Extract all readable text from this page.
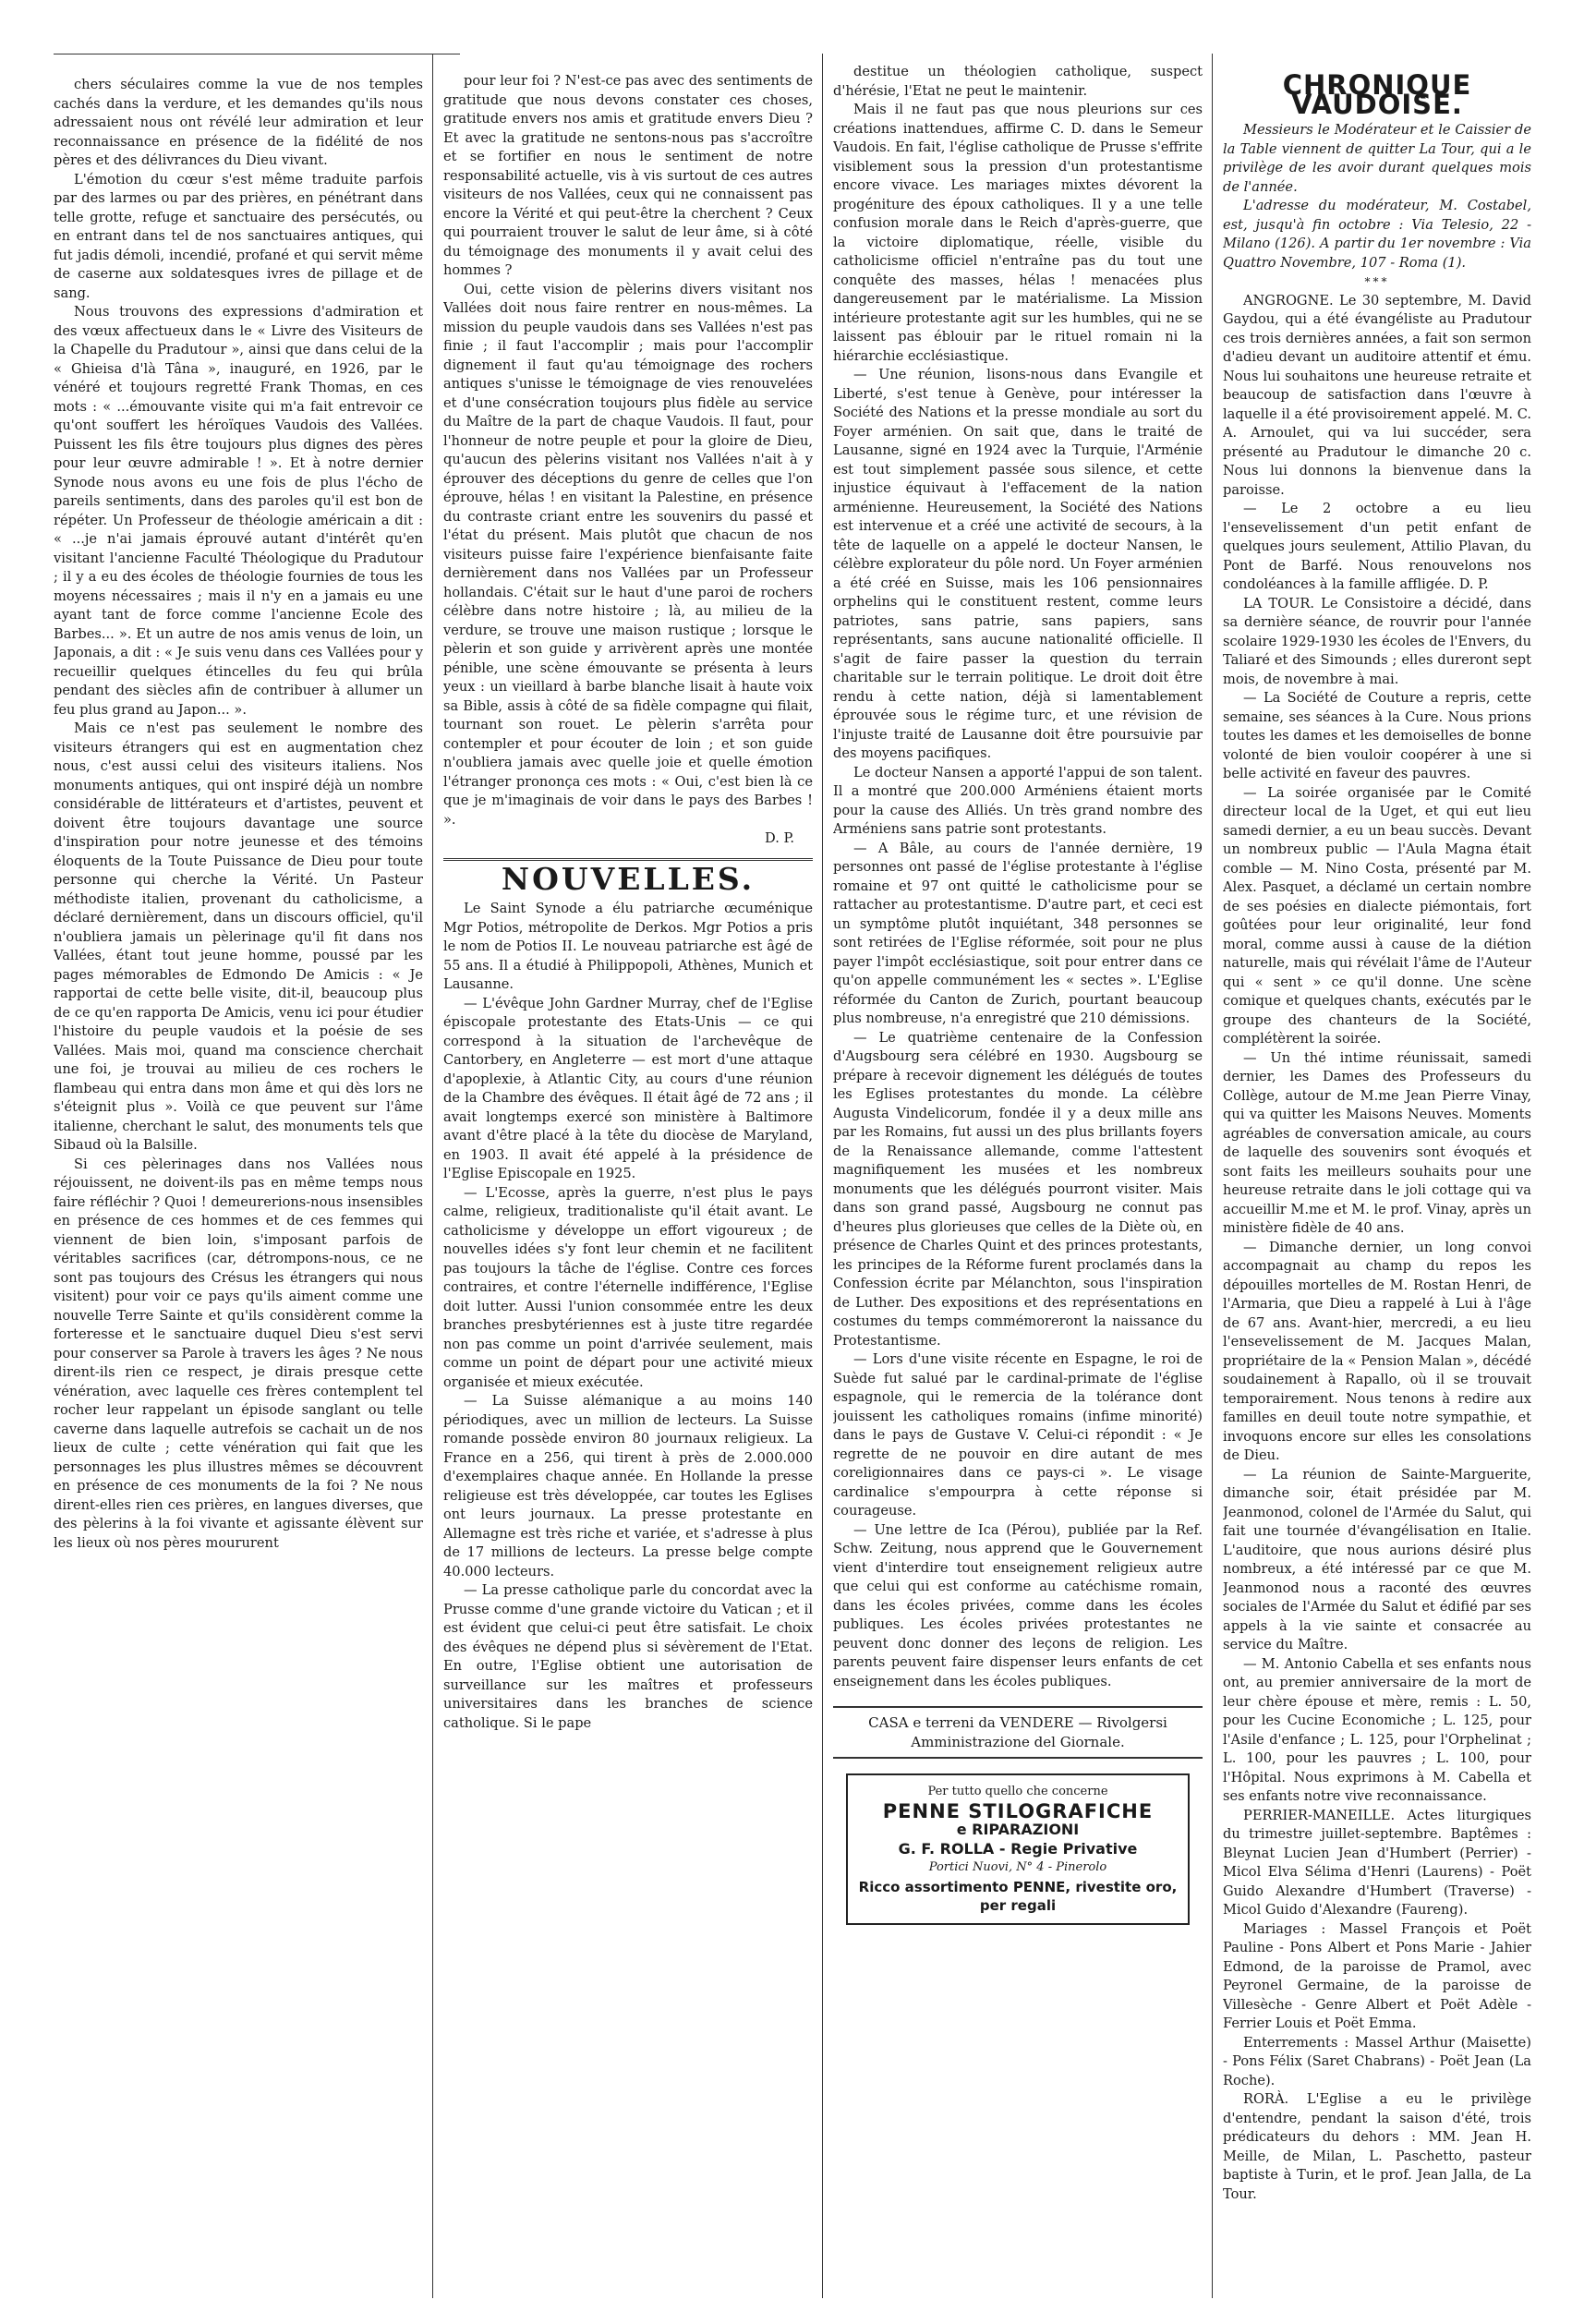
chers séculaires comme la vue de nos temples cachés dans la verdure, et les demandes qu'ils nous adressaient nous ont révélé leur admiration et leur reconnaissance en présence de la fidélité de nos pères et des délivrances du Dieu vivant.

L'émotion du cœur s'est même traduite parfois par des larmes ou par des prières, en pénétrant dans telle grotte, refuge et sanctuaire des persécutés, ou en entrant dans tel de nos sanctuaires antiques, qui fut jadis démoli, incendié, profané et qui servit même de caserne aux soldatesques ivres de pillage et de sang.

Nous trouvons des expressions d'admiration et des vœux affectueux dans le « Livre des Visiteurs de la Chapelle du Pradutour », ainsi que dans celui de la « Ghieisa d'là Tâna », inauguré, en 1926, par le vénéré et toujours regretté Frank Thomas, en ces mots : « ...émouvante visite qui m'a fait entrevoir ce qu'ont souffert les héroïques Vaudois des Vallées. Puissent les fils être toujours plus dignes des pères pour leur œuvre admirable ! ». Et à notre dernier Synode nous avons eu une fois de plus l'écho de pareils sentiments, dans des paroles qu'il est bon de répéter. Un Professeur de théologie américain a dit : « ...je n'ai jamais éprouvé autant d'intérêt qu'en visitant l'ancienne Faculté Théologique du Pradutour ; il y a eu des écoles de théologie fournies de tous les moyens nécessaires ; mais il n'y en a jamais eu une ayant tant de force comme l'ancienne Ecole des Barbes... ». Et un autre de nos amis venus de loin, un Japonais, a dit : « Je suis venu dans ces Vallées pour y recueillir quelques étincelles du feu qui brûla pendant des siècles afin de contribuer à allumer un feu plus grand au Japon... ».

Mais ce n'est pas seulement le nombre des visiteurs étrangers qui est en augmentation chez nous, c'est aussi celui des visiteurs italiens. Nos monuments antiques, qui ont inspiré déjà un nombre considérable de littérateurs et d'artistes, peuvent et doivent être toujours davantage une source d'inspiration pour notre jeunesse et des témoins éloquents de la Toute Puissance de Dieu pour toute personne qui cherche la Vérité. Un Pasteur méthodiste italien, provenant du catholicisme, a déclaré dernièrement, dans un discours officiel, qu'il n'oubliera jamais un pèlerinage qu'il fit dans nos Vallées, étant tout jeune homme, poussé par les pages mémorables de Edmondo De Amicis : « Je rapportai de cette belle visite, dit-il, beaucoup plus de ce qu'en rapporta De Amicis, venu ici pour étudier l'histoire du peuple vaudois et la poésie de ses Vallées. Mais moi, quand ma conscience cherchait une foi, je trouvai au milieu de ces rochers le flambeau qui entra dans mon âme et qui dès lors ne s'éteignit plus ». Voilà ce que peuvent sur l'âme italienne, cherchant le salut, des monuments tels que Sibaud où la Balsille.

Si ces pèlerinages dans nos Vallées nous réjouissent, ne doivent-ils pas en même temps nous faire réfléchir ? Quoi ! demeurerions-nous insensibles en présence de ces hommes et de ces femmes qui viennent de bien loin, s'imposant parfois de véritables sacrifices (car, détrompons-nous, ce ne sont pas toujours des Crésus les étrangers qui nous visitent) pour voir ce pays qu'ils aiment comme une nouvelle Terre Sainte et qu'ils considèrent comme la forteresse et le sanctuaire duquel Dieu s'est servi pour conserver sa Parole à travers les âges ? Ne nous dirent-ils rien ce respect, je dirais presque cette vénération, avec laquelle ces frères contemplent tel rocher leur rappelant un épisode sanglant ou telle caverne dans laquelle autrefois se cachait un de nos lieux de culte ; cette vénération qui fait que les personnages les plus illustres mêmes se découvrent en présence de ces monuments de la foi ? Ne nous dirent-elles rien ces prières, en langues diverses, que des pèlerins à la foi vivante et agissante élèvent sur les lieux où nos pères moururent

pour leur foi ? N'est-ce pas avec des sentiments de gratitude que nous devons constater ces choses, gratitude envers nos amis et gratitude envers Dieu ? Et avec la gratitude ne sentons-nous pas s'accroître et se fortifier en nous le sentiment de notre responsabilité actuelle, vis à vis surtout de ces autres visiteurs de nos Vallées, ceux qui ne connaissent pas encore la Vérité et qui peut-être la cherchent ? Ceux qui pourraient trouver le salut de leur âme, si à côté du témoignage des monuments il y avait celui des hommes ?

Oui, cette vision de pèlerins divers visitant nos Vallées doit nous faire rentrer en nous-mêmes. La mission du peuple vaudois dans ses Vallées n'est pas finie ; il faut l'accomplir ; mais pour l'accomplir dignement il faut qu'au témoignage des rochers antiques s'unisse le témoignage de vies renouvelées et d'une consécration toujours plus fidèle au service du Maître de la part de chaque Vaudois. Il faut, pour l'honneur de notre peuple et pour la gloire de Dieu, qu'aucun des pèlerins visitant nos Vallées n'ait à y éprouver des déceptions du genre de celles que l'on éprouve, hélas ! en visitant la Palestine, en présence du contraste criant entre les souvenirs du passé et l'état du présent. Mais plutôt que chacun de nos visiteurs puisse faire l'expérience bienfaisante faite dernièrement dans nos Vallées par un Professeur hollandais. C'était sur le haut d'une paroi de rochers célèbre dans notre histoire ; là, au milieu de la verdure, se trouve une maison rustique ; lorsque le pèlerin et son guide y arrivèrent après une montée pénible, une scène émouvante se présenta à leurs yeux : un vieillard à barbe blanche lisait à haute voix sa Bible, assis à côté de sa fidèle compagne qui filait, tournant son rouet. Le pèlerin s'arrêta pour contempler et pour écouter de loin ; et son guide n'oubliera jamais avec quelle joie et quelle émotion l'étranger prononça ces mots : « Oui, c'est bien là ce que je m'imaginais de voir dans le pays des Barbes ! ».

D. P.

NOUVELLES.

Le Saint Synode a élu patriarche œcuménique Mgr Potios, métropolite de Derkos. Mgr Potios a pris le nom de Potios II. Le nouveau patriarche est âgé de 55 ans. Il a étudié à Philippopoli, Athènes, Munich et Lausanne.

— L'évêque John Gardner Murray, chef de l'Eglise épiscopale protestante des Etats-Unis — ce qui correspond à la situation de l'archevêque de Cantorbery, en Angleterre — est mort d'une attaque d'apoplexie, à Atlantic City, au cours d'une réunion de la Chambre des évêques. Il était âgé de 72 ans ; il avait longtemps exercé son ministère à Baltimore avant d'être placé à la tête du diocèse de Maryland, en 1903. Il avait été appelé à la présidence de l'Eglise Episcopale en 1925.

— L'Ecosse, après la guerre, n'est plus le pays calme, religieux, traditionaliste qu'il était avant. Le catholicisme y développe un effort vigoureux ; de nouvelles idées s'y font leur chemin et ne facilitent pas toujours la tâche de l'église. Contre ces forces contraires, et contre l'éternelle indifférence, l'Eglise doit lutter. Aussi l'union consommée entre les deux branches presbytériennes est à juste titre regardée non pas comme un point d'arrivée seulement, mais comme un point de départ pour une activité mieux organisée et mieux exécutée.

— La Suisse alémanique a au moins 140 périodiques, avec un million de lecteurs. La Suisse romande possède environ 80 journaux religieux. La France en a 256, qui tirent à près de 2.000.000 d'exemplaires chaque année. En Hollande la presse religieuse est très développée, car toutes les Eglises ont leurs journaux. La presse protestante en Allemagne est très riche et variée, et s'adresse à plus de 17 millions de lecteurs. La presse belge compte 40.000 lecteurs.

— La presse catholique parle du concordat avec la Prusse comme d'une grande victoire du Vatican ; et il est évident que celui-ci peut être satisfait. Le choix des évêques ne dépend plus si sévèrement de l'Etat. En outre, l'Eglise obtient une autorisation de surveillance sur les maîtres et professeurs universitaires dans les branches de science catholique. Si le pape

destitue un théologien catholique, suspect d'hérésie, l'Etat ne peut le maintenir.

Mais il ne faut pas que nous pleurions sur ces créations inattendues, affirme C. D. dans le Semeur Vaudois. En fait, l'église catholique de Prusse s'effrite visiblement sous la pression d'un protestantisme encore vivace. Les mariages mixtes dévorent la progéniture des époux catholiques. Il y a une telle confusion morale dans le Reich d'après-guerre, que la victoire diplomatique, réelle, visible du catholicisme officiel n'entraîne pas du tout une conquête des masses, hélas ! menacées plus dangereusement par le matérialisme. La Mission intérieure protestante agit sur les humbles, qui ne se laissent pas éblouir par le rituel romain ni la hiérarchie ecclésiastique.

— Une réunion, lisons-nous dans Evangile et Liberté, s'est tenue à Genève, pour intéresser la Société des Nations et la presse mondiale au sort du Foyer arménien. On sait que, dans le traité de Lausanne, signé en 1924 avec la Turquie, l'Arménie est tout simplement passée sous silence, et cette injustice équivaut à l'effacement de la nation arménienne. Heureusement, la Société des Nations est intervenue et a créé une activité de secours, à la tête de laquelle on a appelé le docteur Nansen, le célèbre explorateur du pôle nord. Un Foyer arménien a été créé en Suisse, mais les 106 pensionnaires orphelins qui le constituent restent, comme leurs patriotes, sans patrie, sans papiers, sans représentants, sans aucune nationalité officielle. Il s'agit de faire passer la question du terrain charitable sur le terrain politique. Le droit doit être rendu à cette nation, déjà si lamentablement éprouvée sous le régime turc, et une révision de l'injuste traité de Lausanne doit être poursuivie par des moyens pacifiques.

Le docteur Nansen a apporté l'appui de son talent. Il a montré que 200.000 Arméniens étaient morts pour la cause des Alliés. Un très grand nombre des Arméniens sans patrie sont protestants.

— A Bâle, au cours de l'année dernière, 19 personnes ont passé de l'église protestante à l'église romaine et 97 ont quitté le catholicisme pour se rattacher au protestantisme. D'autre part, et ceci est un symptôme plutôt inquiétant, 348 personnes se sont retirées de l'Eglise réformée, soit pour ne plus payer l'impôt ecclésiastique, soit pour entrer dans ce qu'on appelle communément les « sectes ». L'Eglise réformée du Canton de Zurich, pourtant beaucoup plus nombreuse, n'a enregistré que 210 démissions.

— Le quatrième centenaire de la Confession d'Augsbourg sera célébré en 1930. Augsbourg se prépare à recevoir dignement les délégués de toutes les Eglises protestantes du monde. La célèbre Augusta Vindelicorum, fondée il y a deux mille ans par les Romains, fut aussi un des plus brillants foyers de la Renaissance allemande, comme l'attestent magnifiquement les musées et les nombreux monuments que les délégués pourront visiter. Mais dans son grand passé, Augsbourg ne connut pas d'heures plus glorieuses que celles de la Diète où, en présence de Charles Quint et des princes protestants, les principes de la Réforme furent proclamés dans la Confession écrite par Mélanchton, sous l'inspiration de Luther. Des expositions et des représentations en costumes du temps commémoreront la naissance du Protestantisme.

— Lors d'une visite récente en Espagne, le roi de Suède fut salué par le cardinal-primate de l'église espagnole, qui le remercia de la tolérance dont jouissent les catholiques romains (infime minorité) dans le pays de Gustave V. Celui-ci répondit : « Je regrette de ne pouvoir en dire autant de mes coreligionnaires dans ce pays-ci ». Le visage cardinalice s'empourpra à cette réponse si courageuse.

— Une lettre de Ica (Pérou), publiée par la Ref. Schw. Zeitung, nous apprend que le Gouvernement vient d'interdire tout enseignement religieux autre que celui qui est conforme au catéchisme romain, dans les écoles privées, comme dans les écoles publiques. Les écoles privées protestantes ne peuvent donc donner des leçons de religion. Les parents peuvent faire dispenser leurs enfants de cet enseignement dans les écoles publiques.

CASA e terreni da VENDERE — Rivolgersi Amministrazione del Giornale.
Per tutto quello che concerne
PENNE STILOGRAFICHE
e RIPARAZIONI
G. F. ROLLA - Regie Privative
Portici Nuovi, N° 4 - Pinerolo
Ricco assortimento PENNE, rivestite oro, per regali
CHRONIQUE VAUDOISE.

Messieurs le Modérateur et le Caissier de la Table viennent de quitter La Tour, qui a le privilège de les avoir durant quelques mois de l'année.

L'adresse du modérateur, M. Costabel, est, jusqu'à fin octobre : Via Telesio, 22 - Milano (126). A partir du 1er novembre : Via Quattro Novembre, 107 - Roma (1).

***

ANGROGNE. Le 30 septembre, M. David Gaydou, qui a été évangéliste au Pradutour ces trois dernières années, a fait son sermon d'adieu devant un auditoire attentif et ému. Nous lui souhaitons une heureuse retraite et beaucoup de satisfaction dans l'œuvre à laquelle il a été provisoirement appelé. M. C. A. Arnoulet, qui va lui succéder, sera présenté au Pradutour le dimanche 20 c. Nous lui donnons la bienvenue dans la paroisse.

— Le 2 octobre a eu lieu l'ensevelissement d'un petit enfant de quelques jours seulement, Attilio Plavan, du Pont de Barfé. Nous renouvelons nos condoléances à la famille affligée. D. P.

LA TOUR. Le Consistoire a décidé, dans sa dernière séance, de rouvrir pour l'année scolaire 1929-1930 les écoles de l'Envers, du Taliaré et des Simounds ; elles dureront sept mois, de novembre à mai.

— La Société de Couture a repris, cette semaine, ses séances à la Cure. Nous prions toutes les dames et les demoiselles de bonne volonté de bien vouloir coopérer à une si belle activité en faveur des pauvres.

— La soirée organisée par le Comité directeur local de la Uget, et qui eut lieu samedi dernier, a eu un beau succès. Devant un nombreux public — l'Aula Magna était comble — M. Nino Costa, présenté par M. Alex. Pasquet, a déclamé un certain nombre de ses poésies en dialecte piémontais, fort goûtées pour leur originalité, leur fond moral, comme aussi à cause de la diétion naturelle, mais qui révélait l'âme de l'Auteur qui « sent » ce qu'il donne. Une scène comique et quelques chants, exécutés par le groupe des chanteurs de la Société, complétèrent la soirée.

— Un thé intime réunissait, samedi dernier, les Dames des Professeurs du Collège, autour de M.me Jean Pierre Vinay, qui va quitter les Maisons Neuves. Moments agréables de conversation amicale, au cours de laquelle des souvenirs sont évoqués et sont faits les meilleurs souhaits pour une heureuse retraite dans le joli cottage qui va accueillir M.me et M. le prof. Vinay, après un ministère fidèle de 40 ans.

— Dimanche dernier, un long convoi accompagnait au champ du repos les dépouilles mortelles de M. Rostan Henri, de l'Armaria, que Dieu a rappelé à Lui à l'âge de 67 ans. Avant-hier, mercredi, a eu lieu l'ensevelissement de M. Jacques Malan, propriétaire de la « Pension Malan », décédé soudainement à Rapallo, où il se trouvait temporairement. Nous tenons à redire aux familles en deuil toute notre sympathie, et invoquons encore sur elles les consolations de Dieu.

— La réunion de Sainte-Marguerite, dimanche soir, était présidée par M. Jeanmonod, colonel de l'Armée du Salut, qui fait une tournée d'évangélisation en Italie. L'auditoire, que nous aurions désiré plus nombreux, a été intéressé par ce que M. Jeanmonod nous a raconté des œuvres sociales de l'Armée du Salut et édifié par ses appels à la vie sainte et consacrée au service du Maître.

— M. Antonio Cabella et ses enfants nous ont, au premier anniversaire de la mort de leur chère épouse et mère, remis : L. 50, pour les Cucine Economiche ; L. 125, pour l'Asile d'enfance ; L. 125, pour l'Orphelinat ; L. 100, pour les pauvres ; L. 100, pour l'Hôpital. Nous exprimons à M. Cabella et ses enfants notre vive reconnaissance.

PERRIER-MANEILLE. Actes liturgiques du trimestre juillet-septembre. Baptêmes : Bleynat Lucien Jean d'Humbert (Perrier) - Micol Elva Sélima d'Henri (Laurens) - Poët Guido Alexandre d'Humbert (Traverse) - Micol Guido d'Alexandre (Faureng).

Mariages : Massel François et Poët Pauline - Pons Albert et Pons Marie - Jahier Edmond, de la paroisse de Pramol, avec Peyronel Germaine, de la paroisse de Villesèche - Genre Albert et Poët Adèle - Ferrier Louis et Poët Emma.

Enterrements : Massel Arthur (Maisette) - Pons Félix (Saret Chabrans) - Poët Jean (La Roche).

RORÀ. L'Eglise a eu le privilège d'entendre, pendant la saison d'été, trois prédicateurs du dehors : MM. Jean H. Meille, de Milan, L. Paschetto, pasteur baptiste à Turin, et le prof. Jean Jalla, de La Tour.
